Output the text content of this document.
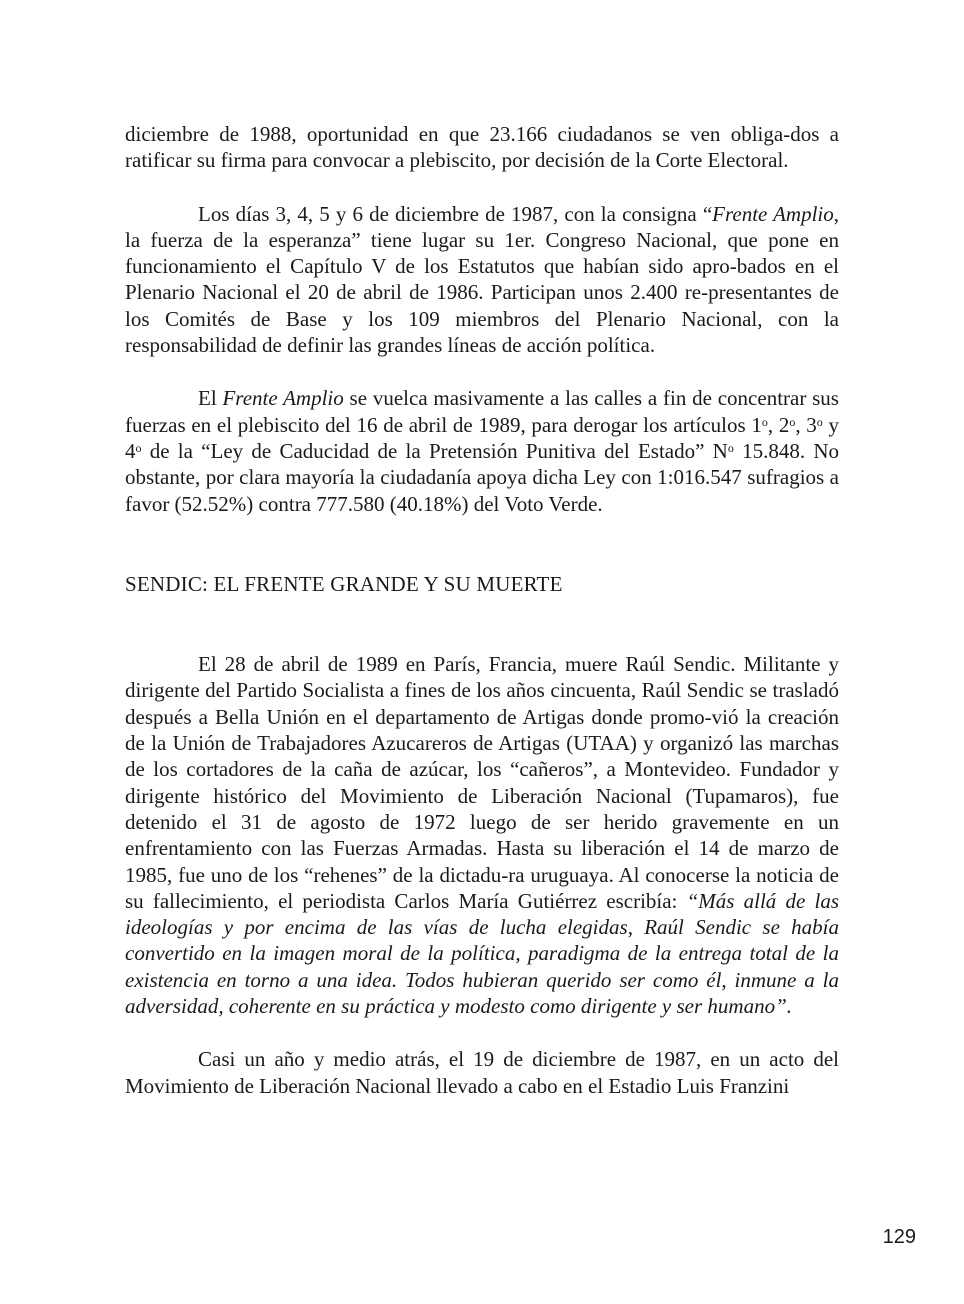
diciembre de 1988, oportunidad en que 23.166 ciudadanos se ven obliga-dos a ratificar su firma para convocar a plebiscito, por decisión de la Corte Electoral.

Los días 3, 4, 5 y 6 de diciembre de 1987, con la consigna “Frente Amplio, la fuerza de la esperanza” tiene lugar su 1er. Congreso Nacional, que pone en funcionamiento el Capítulo V de los Estatutos que habían sido apro-bados en el Plenario Nacional el 20 de abril de 1986. Participan unos 2.400 re-presentantes de los Comités de Base y los 109 miembros del Plenario Nacional, con la responsabilidad de definir las grandes líneas de acción política.

El Frente Amplio se vuelca masivamente a las calles a fin de concentrar sus fuerzas en el plebiscito del 16 de abril de 1989, para derogar los artículos 1$^o$, 2$^o$, 3$^o$ y 4$^o$ de la “Ley de Caducidad de la Pretensión Punitiva del Estado” $N^o$ 15.848. No obstante, por clara mayoría la ciudadanía apoya dicha Ley con 1:016.547 sufragios a favor (52.52%) contra 777.580 (40.18%) del Voto Verde.

SENDIC: EL FRENTE GRANDE Y SU MUERTE

El 28 de abril de 1989 en París, Francia, muere Raúl Sendic. Militante y dirigente del Partido Socialista a fines de los años cincuenta, Raúl Sendic se trasladó después a Bella Unión en el departamento de Artigas donde promo-vió la creación de la Unión de Trabajadores Azucareros de Artigas (UTAA) y organizó las marchas de los cortadores de la caña de azúcar, los “cañeros”, a Montevideo. Fundador y dirigente histórico del Movimiento de Liberación Nacional (Tupamaros), fue detenido el 31 de agosto de 1972 luego de ser herido gravemente en un enfrentamiento con las Fuerzas Armadas. Hasta su liberación el 14 de marzo de 1985, fue uno de los “rehenes” de la dictadu-ra uruguaya. Al conocerse la noticia de su fallecimiento, el periodista Carlos María Gutiérrez escribía: “Más allá de las ideologías y por encima de las vías de lucha elegidas, Raúl Sendic se había convertido en la imagen moral de la política, paradigma de la entrega total de la existencia en torno a una idea. Todos hubieran querido ser como él, inmune a la adversidad, coherente en su práctica y modesto como dirigente y ser humano”.

Casi un año y medio atrás, el 19 de diciembre de 1987, en un acto del Movimiento de Liberación Nacional llevado a cabo en el Estadio Luis Franzini

129
